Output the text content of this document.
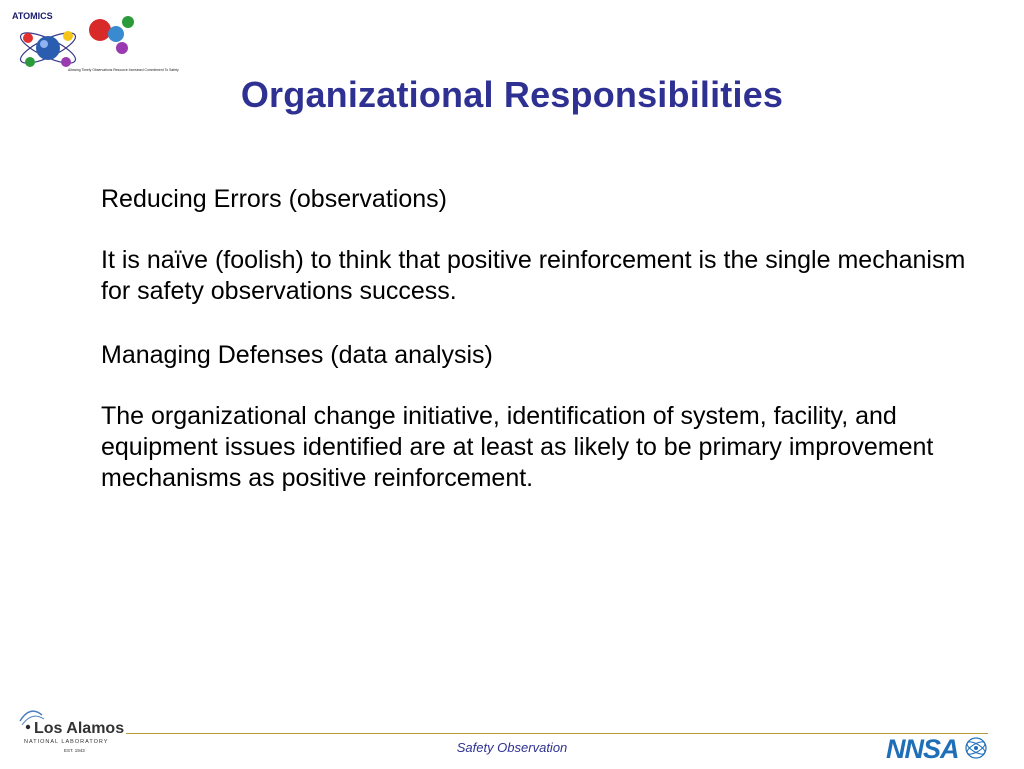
ATOMICS
Allowing Timely Observations Resource Increased Commitment To Safety
Organizational Responsibilities

Reducing Errors (observations)

It is naïve (foolish) to think that positive reinforcement is the single mechanism for safety observations success.

Managing Defenses (data analysis)

The organizational change initiative, identification of system, facility, and equipment issues identified are at least as likely to be primary improvement mechanisms as positive reinforcement.

Los Alamos
NATIONAL LABORATORY
EST. 1943	Safety Observation	NNSA
